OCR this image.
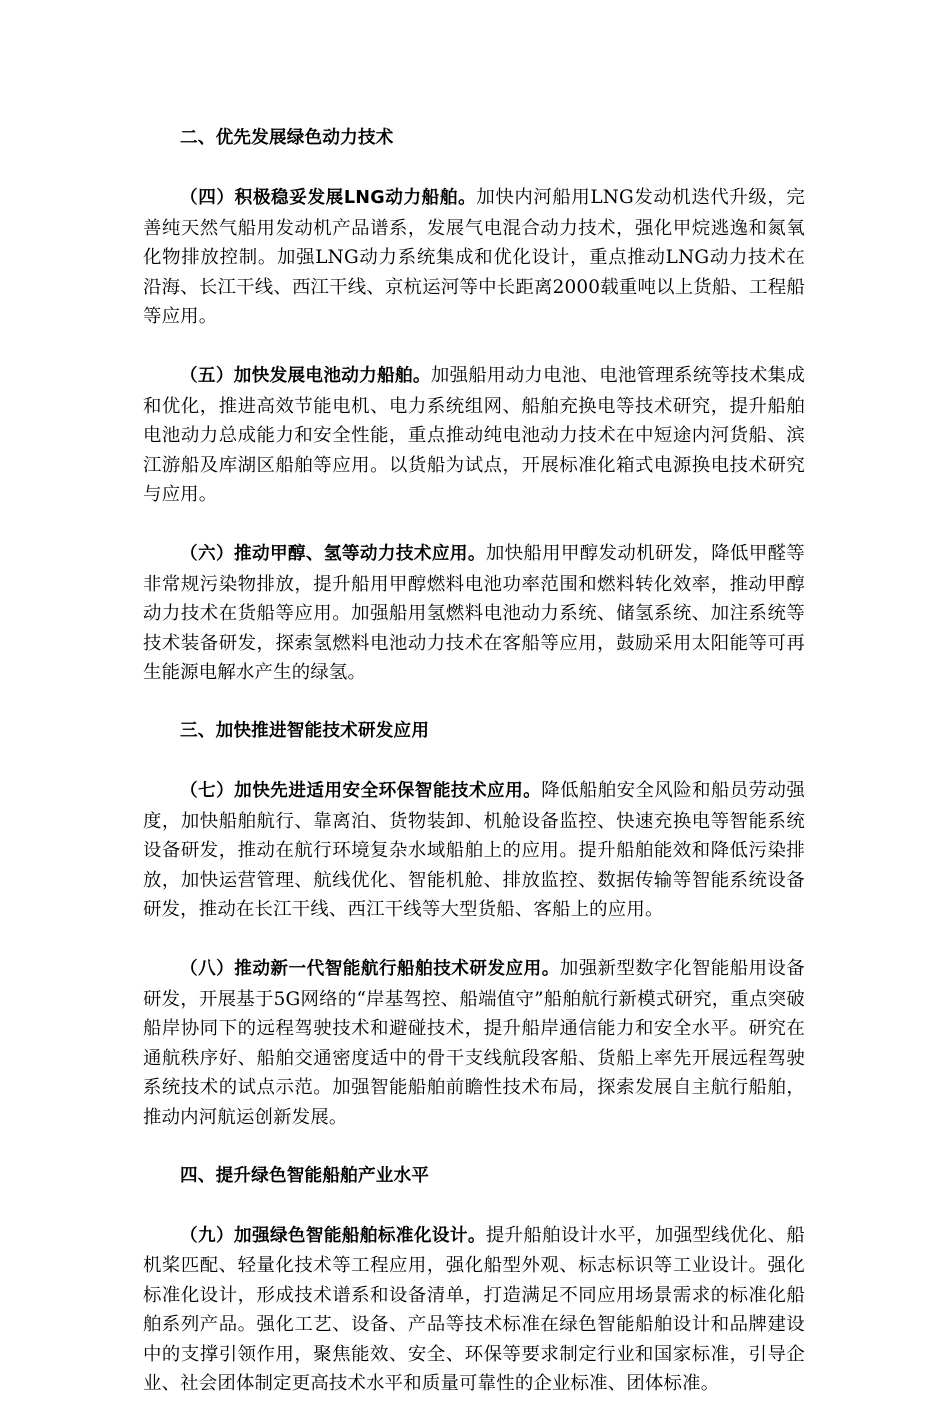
二、优先发展绿色动力技术

（四）积极稳妥发展LNG动力船舶。加快内河船用LNG发动机迭代升级，完善纯天然气船用发动机产品谱系，发展气电混合动力技术，强化甲烷逃逸和氮氧化物排放控制。加强LNG动力系统集成和优化设计，重点推动LNG动力技术在沿海、长江干线、西江干线、京杭运河等中长距离2000载重吨以上货船、工程船等应用。

（五）加快发展电池动力船舶。加强船用动力电池、电池管理系统等技术集成和优化，推进高效节能电机、电力系统组网、船舶充换电等技术研究，提升船舶电池动力总成能力和安全性能，重点推动纯电池动力技术在中短途内河货船、滨江游船及库湖区船舶等应用。以货船为试点，开展标准化箱式电源换电技术研究与应用。

（六）推动甲醇、氢等动力技术应用。加快船用甲醇发动机研发，降低甲醛等非常规污染物排放，提升船用甲醇燃料电池功率范围和燃料转化效率，推动甲醇动力技术在货船等应用。加强船用氢燃料电池动力系统、储氢系统、加注系统等技术装备研发，探索氢燃料电池动力技术在客船等应用，鼓励采用太阳能等可再生能源电解水产生的绿氢。

三、加快推进智能技术研发应用

（七）加快先进适用安全环保智能技术应用。降低船舶安全风险和船员劳动强度，加快船舶航行、靠离泊、货物装卸、机舱设备监控、快速充换电等智能系统设备研发，推动在航行环境复杂水域船舶上的应用。提升船舶能效和降低污染排放，加快运营管理、航线优化、智能机舱、排放监控、数据传输等智能系统设备研发，推动在长江干线、西江干线等大型货船、客船上的应用。

（八）推动新一代智能航行船舶技术研发应用。加强新型数字化智能船用设备研发，开展基于5G网络的“岸基驾控、船端值守”船舶航行新模式研究，重点突破船岸协同下的远程驾驶技术和避碰技术，提升船岸通信能力和安全水平。研究在通航秩序好、船舶交通密度适中的骨干支线航段客船、货船上率先开展远程驾驶系统技术的试点示范。加强智能船舶前瞻性技术布局，探索发展自主航行船舶，推动内河航运创新发展。

四、提升绿色智能船舶产业水平

（九）加强绿色智能船舶标准化设计。提升船舶设计水平，加强型线优化、船机桨匹配、轻量化技术等工程应用，强化船型外观、标志标识等工业设计。强化标准化设计，形成技术谱系和设备清单，打造满足不同应用场景需求的标准化船舶系列产品。强化工艺、设备、产品等技术标准在绿色智能船舶设计和品牌建设中的支撑引领作用，聚焦能效、安全、环保等要求制定行业和国家标准，引导企业、社会团体制定更高技术水平和质量可靠性的企业标准、团体标准。
